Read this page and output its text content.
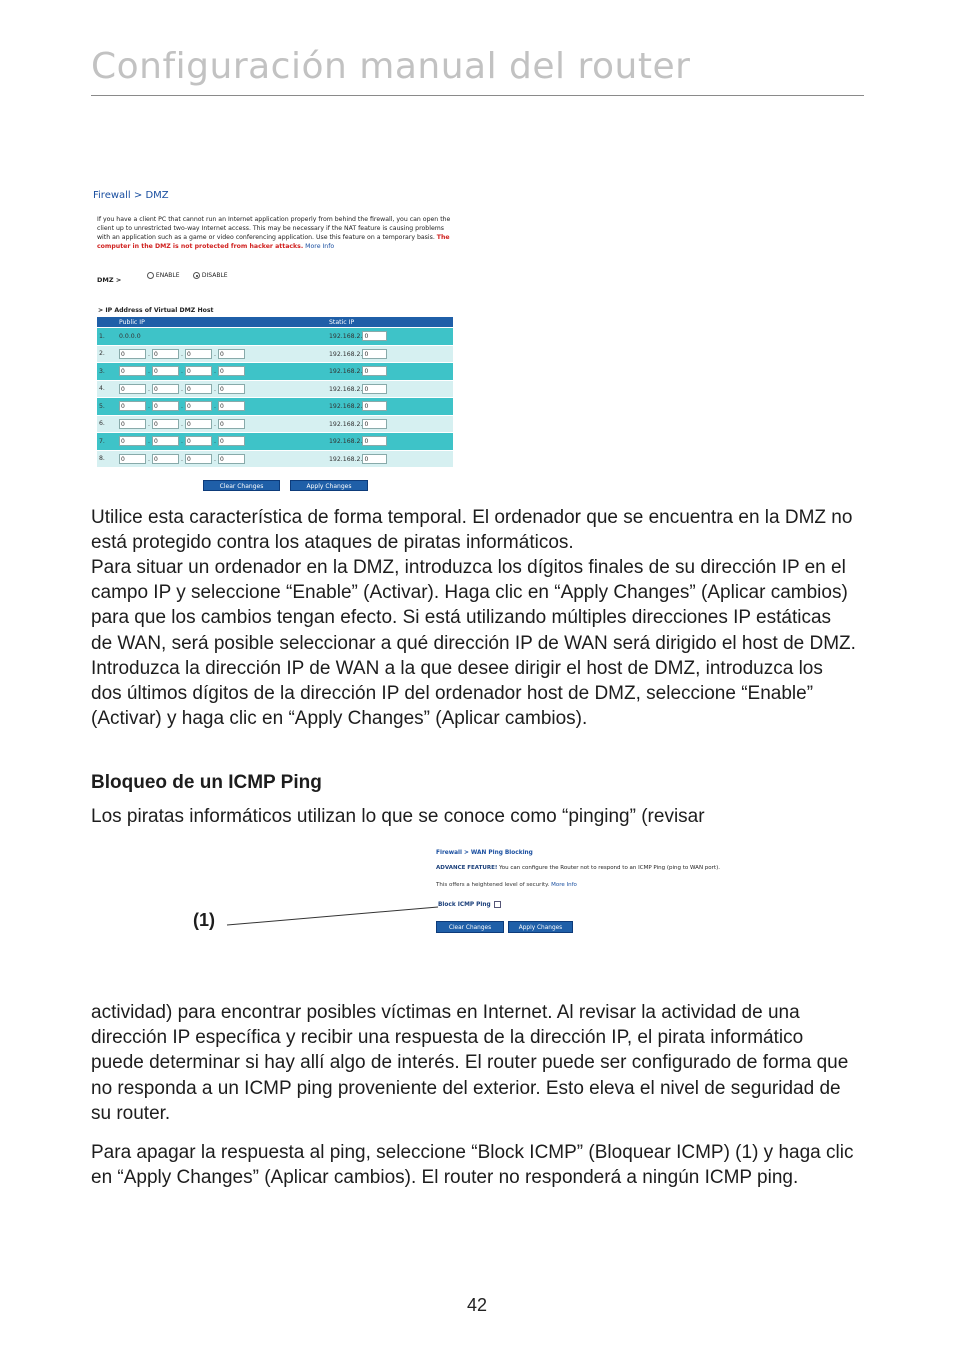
Configuración manual del router
Firewall > DMZ
If you have a client PC that cannot run an Internet application properly from behind the firewall, you can open the client up to unrestricted two-way Internet access. This may be necessary if the NAT feature is causing problems with an application such as a game or video conferencing application. Use this feature on a temporary basis. The computer in the DMZ is not protected from hacker attacks. More Info
DMZ >
ENABLE	DISABLE
> IP Address of Virtual DMZ Host
	Public IP	Static IP
1.	0.0.0.0	192.168.2. 0
2.	0 . 0 . 0 . 0	192.168.2. 0
3.	0 . 0 . 0 . 0	192.168.2. 0
4.	0 . 0 . 0 . 0	192.168.2. 0
5.	0 . 0 . 0 . 0	192.168.2. 0
6.	0 . 0 . 0 . 0	192.168.2. 0
7.	0 . 0 . 0 . 0	192.168.2. 0
8.	0 . 0 . 0 . 0	192.168.2. 0
Clear Changes	Apply Changes

Utilice esta característica de forma temporal. El ordenador que se encuentra en la DMZ no está protegido contra los ataques de piratas informáticos.

Para situar un ordenador en la DMZ, introduzca los dígitos finales de su dirección IP en el campo IP y seleccione “Enable” (Activar). Haga clic en “Apply Changes” (Aplicar cambios) para que los cambios tengan efecto. Si está utilizando múltiples direcciones IP estáticas de WAN, será posible seleccionar a qué dirección IP de WAN será dirigido el host de DMZ. Introduzca la dirección IP de WAN a la que desee dirigir el host de DMZ, introduzca los dos últimos dígitos de la dirección IP del ordenador host de DMZ, seleccione “Enable” (Activar) y haga clic en “Apply Changes” (Aplicar cambios).

Bloqueo de un ICMP Ping

Los piratas informáticos utilizan lo que se conoce como “pinging” (revisar

(1)
Firewall > WAN Ping Blocking
ADVANCE FEATURE! You can configure the Router not to respond to an ICMP Ping (ping to WAN port).
This offers a heightened level of security. More Info
Block ICMP Ping
Clear Changes	Apply Changes

actividad) para encontrar posibles víctimas en Internet. Al revisar la actividad de una dirección IP específica y recibir una respuesta de la dirección IP, el pirata informático puede determinar si hay allí algo de interés. El router puede ser configurado de forma que no responda a un ICMP ping proveniente del exterior. Esto eleva el nivel de seguridad de su router.

Para apagar la respuesta al ping, seleccione “Block ICMP” (Bloquear ICMP) (1) y haga clic en “Apply Changes” (Aplicar cambios). El router no responderá a ningún ICMP ping.

42
